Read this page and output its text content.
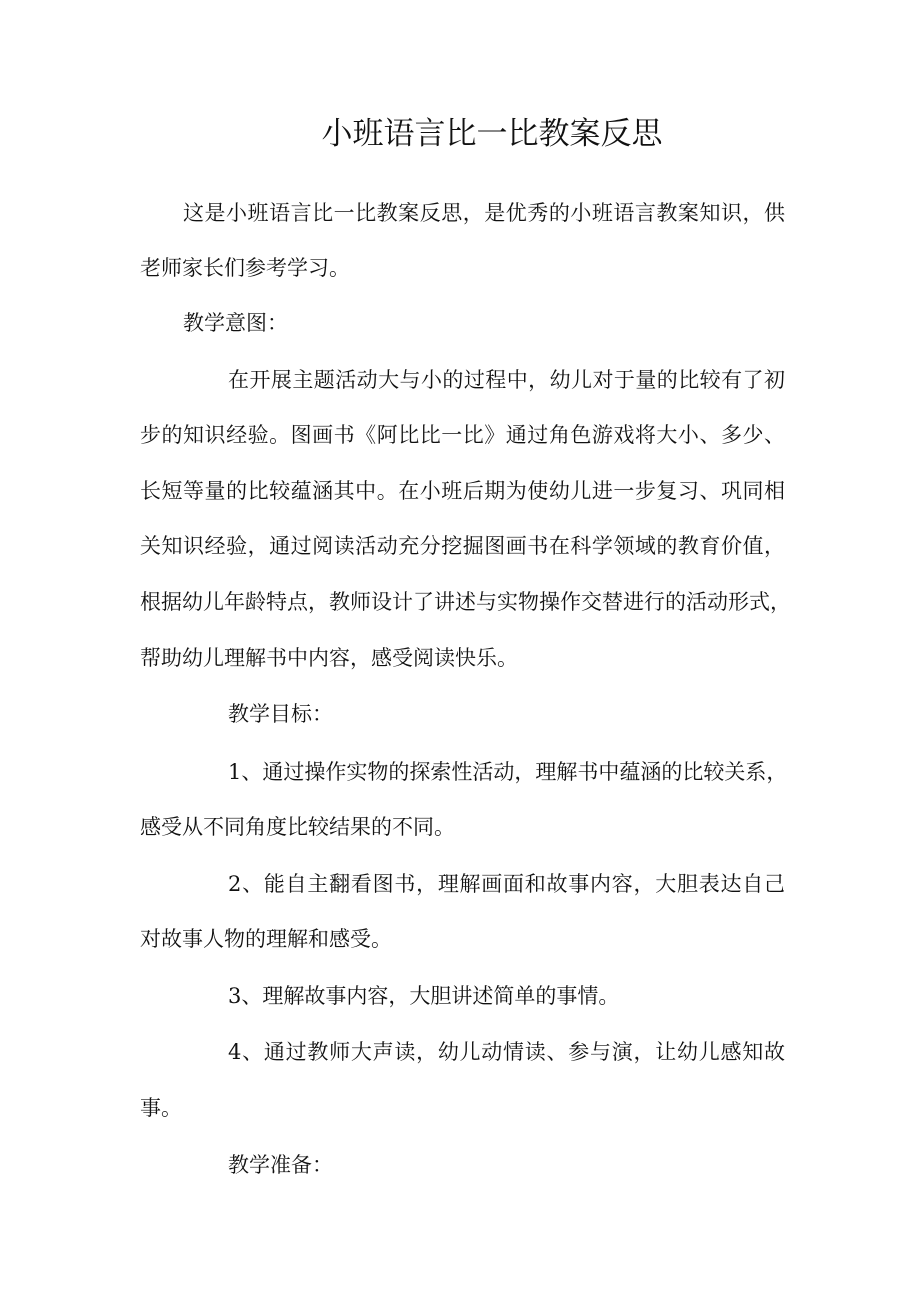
小班语言比一比教案反思
这是小班语言比一比教案反思，是优秀的小班语言教案知识，供
老师家长们参考学习。
教学意图：
在开展主题活动大与小的过程中，幼儿对于量的比较有了初
步的知识经验。图画书《阿比比一比》通过角色游戏将大小、多少、
长短等量的比较蕴涵其中。在小班后期为使幼儿进一步复习、巩同相
关知识经验，通过阅读活动充分挖掘图画书在科学领域的教育价值，
根据幼儿年龄特点，教师设计了讲述与实物操作交替进行的活动形式，
帮助幼儿理解书中内容，感受阅读快乐。
教学目标：
1、通过操作实物的探索性活动，理解书中蕴涵的比较关系，
感受从不同角度比较结果的不同。
2、能自主翻看图书，理解画面和故事内容，大胆表达自己
对故事人物的理解和感受。
3、理解故事内容，大胆讲述简单的事情。
4、通过教师大声读，幼儿动情读、参与演，让幼儿感知故
事。
教学准备：
